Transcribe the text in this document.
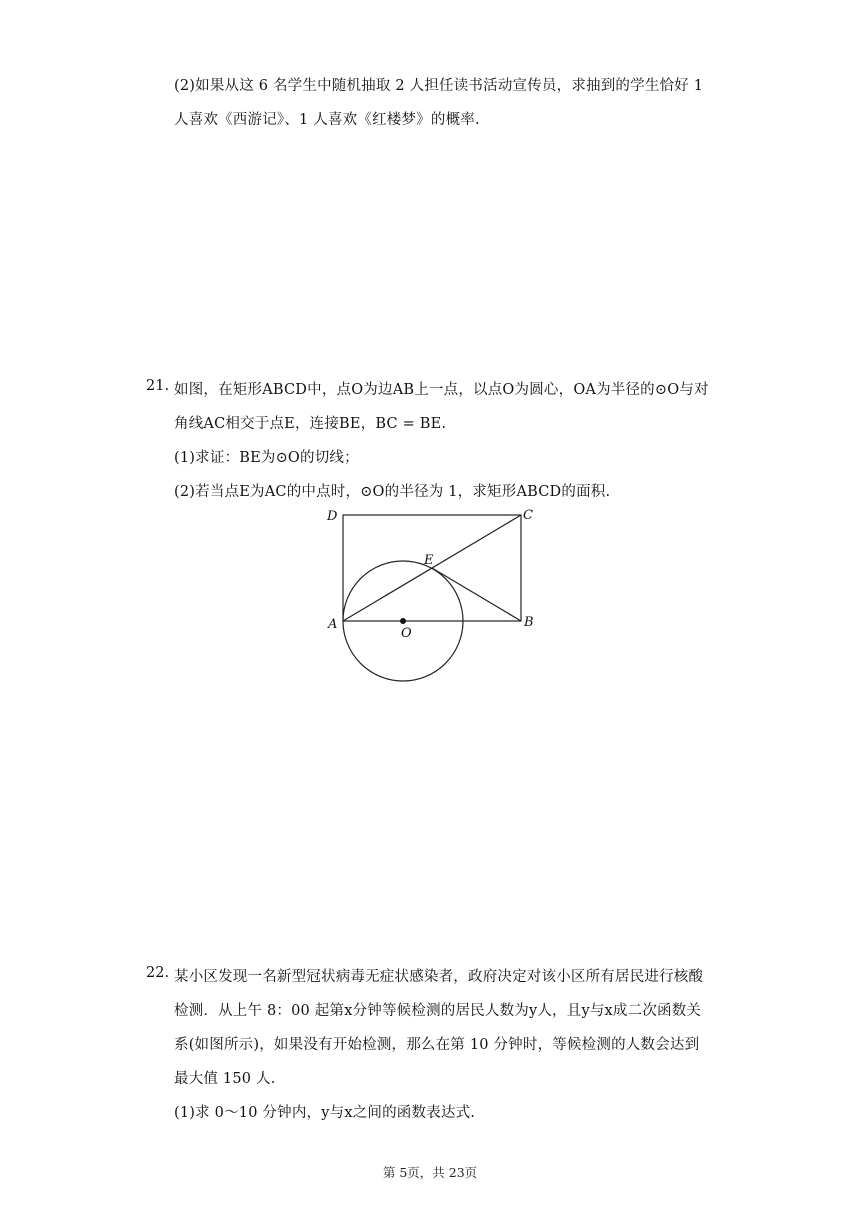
(2)如果从这 6 名学生中随机抽取 2 人担任读书活动宣传员，求抽到的学生恰好 1
人喜欢《西游记》、1 人喜欢《红楼梦》的概率.
21. 如图，在矩形ABCD中，点O为边AB上一点，以点O为圆心，OA为半径的⊙O与对
角线AC相交于点E，连接BE，BC = BE.
(1)求证：BE为⊙O的切线；
(2)若当点E为AC的中点时，⊙O的半径为 1，求矩形ABCD的面积.
D	C
E
A	B
O
22. 某小区发现一名新型冠状病毒无症状感染者，政府决定对该小区所有居民进行核酸
检测．从上午 8：00 起第x分钟等候检测的居民人数为y人，且y与x成二次函数关
系(如图所示)，如果没有开始检测，那么在第 10 分钟时，等候检测的人数会达到
最大值 150 人.
(1)求 0～10 分钟内，y与x之间的函数表达式.
第 5页，共 23页
